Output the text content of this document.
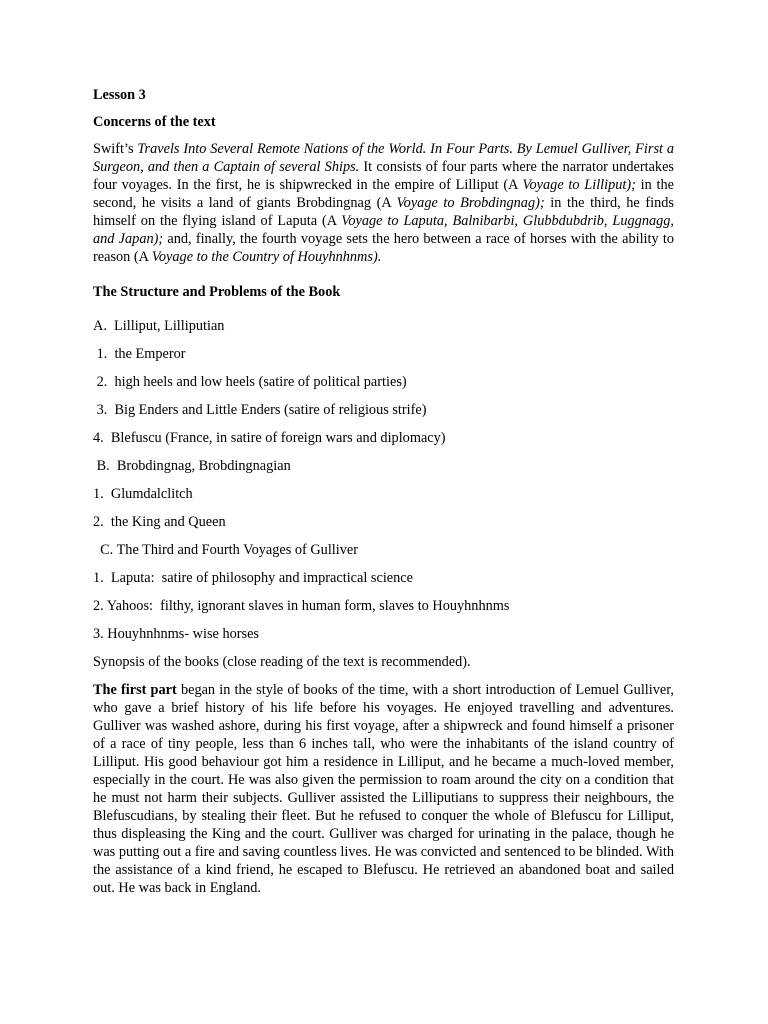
Lesson 3

Concerns of the text

Swift’s Travels Into Several Remote Nations of the World. In Four Parts. By Lemuel Gulliver, First a Surgeon, and then a Captain of several Ships. It consists of four parts where the narrator undertakes four voyages. In the first, he is shipwrecked in the empire of Lilliput (A Voyage to Lilliput); in the second, he visits a land of giants Brobdingnag (A Voyage to Brobdingnag); in the third, he finds himself on the flying island of Laputa (A Voyage to Laputa, Balnibarbi, Glubbdubdrib, Luggnagg, and Japan); and, finally, the fourth voyage sets the hero between a race of horses with the ability to reason (A Voyage to the Country of Houyhnhnms).

The Structure and Problems of the Book

A.  Lilliput, Lilliputian

1.  the Emperor

2.  high heels and low heels (satire of political parties)

3.  Big Enders and Little Enders (satire of religious strife)

4.  Blefuscu (France, in satire of foreign wars and diplomacy)

B.  Brobdingnag, Brobdingnagian

1.  Glumdalclitch

2.  the King and Queen

C. The Third and Fourth Voyages of Gulliver

1.  Laputa:  satire of philosophy and impractical science

2. Yahoos:  filthy, ignorant slaves in human form, slaves to Houyhnhnms

3. Houyhnhnms- wise horses

Synopsis of the books (close reading of the text is recommended).

The first part began in the style of books of the time, with a short introduction of Lemuel Gulliver, who gave a brief history of his life before his voyages. He enjoyed travelling and adventures. Gulliver was washed ashore, during his first voyage, after a shipwreck and found himself a prisoner of a race of tiny people, less than 6 inches tall, who were the inhabitants of the island country of Lilliput. His good behaviour got him a residence in Lilliput, and he became a much-loved member, especially in the court. He was also given the permission to roam around the city on a condition that he must not harm their subjects. Gulliver assisted the Lilliputians to suppress their neighbours, the Blefuscudians, by stealing their fleet. But he refused to conquer the whole of Blefuscu for Lilliput, thus displeasing the King and the court. Gulliver was charged for urinating in the palace, though he was putting out a fire and saving countless lives. He was convicted and sentenced to be blinded. With the assistance of a kind friend, he escaped to Blefuscu. He retrieved an abandoned boat and sailed out. He was back in England.
